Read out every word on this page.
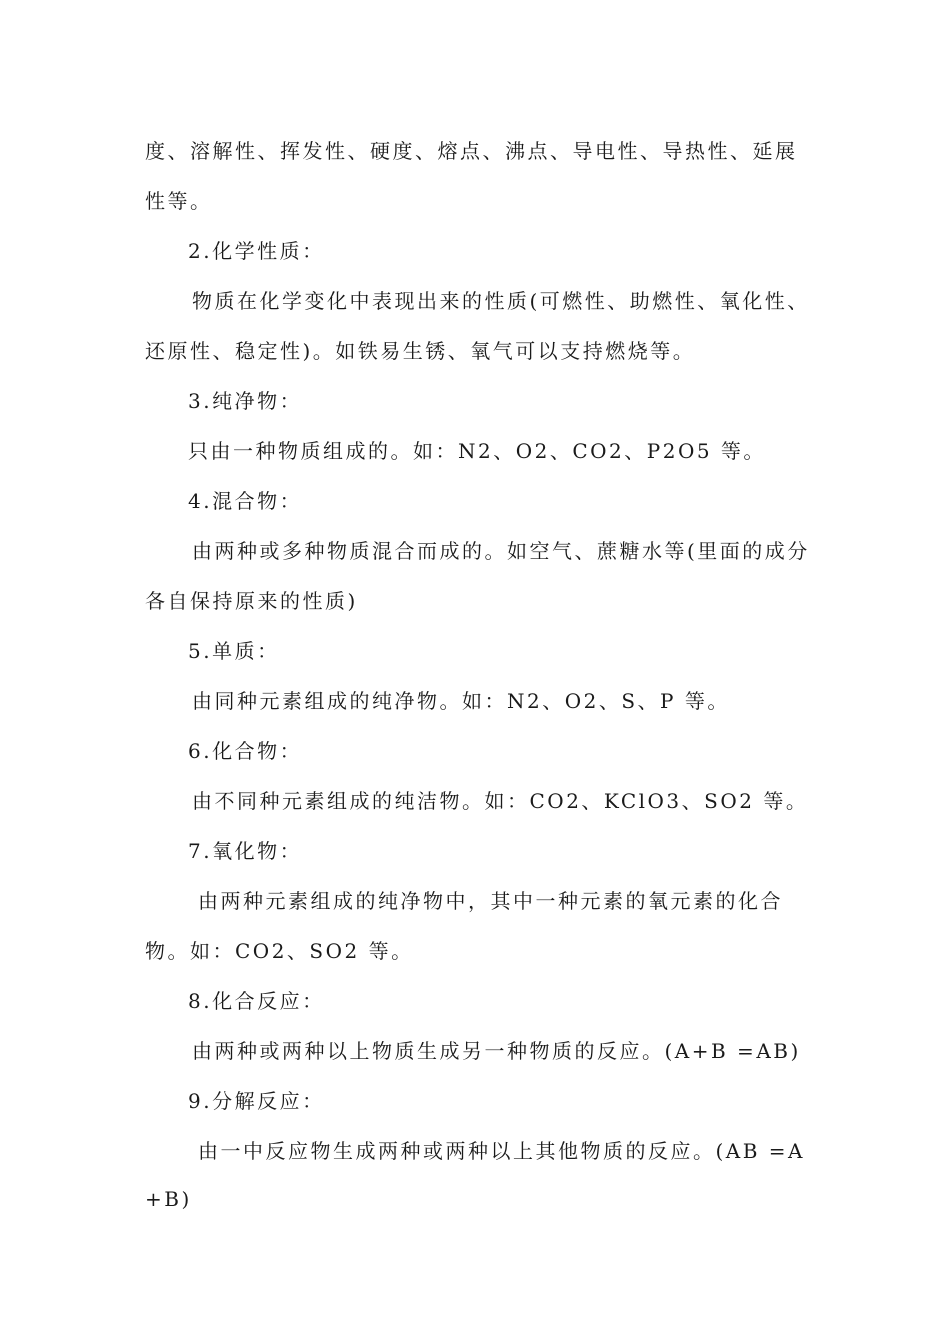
度、溶解性、挥发性、硬度、熔点、沸点、导电性、导热性、延展
性等。
2.化学性质：
物质在化学变化中表现出来的性质(可燃性、助燃性、氧化性、
还原性、稳定性)。如铁易生锈、氧气可以支持燃烧等。
3.纯净物：
只由一种物质组成的。如：N2、O2、CO2、P2O5 等。
4.混合物：
由两种或多种物质混合而成的。如空气、蔗糖水等(里面的成分
各自保持原来的性质)
5.单质：
由同种元素组成的纯净物。如：N2、O2、S、P 等。
6.化合物：
由不同种元素组成的纯洁物。如：CO2、KClO3、SO2 等。
7.氧化物：
由两种元素组成的纯净物中，其中一种元素的氧元素的化合
物。如：CO2、SO2 等。
8.化合反应：
由两种或两种以上物质生成另一种物质的反应。(A+B =AB)
9.分解反应：
由一中反应物生成两种或两种以上其他物质的反应。(AB =A
+B)
